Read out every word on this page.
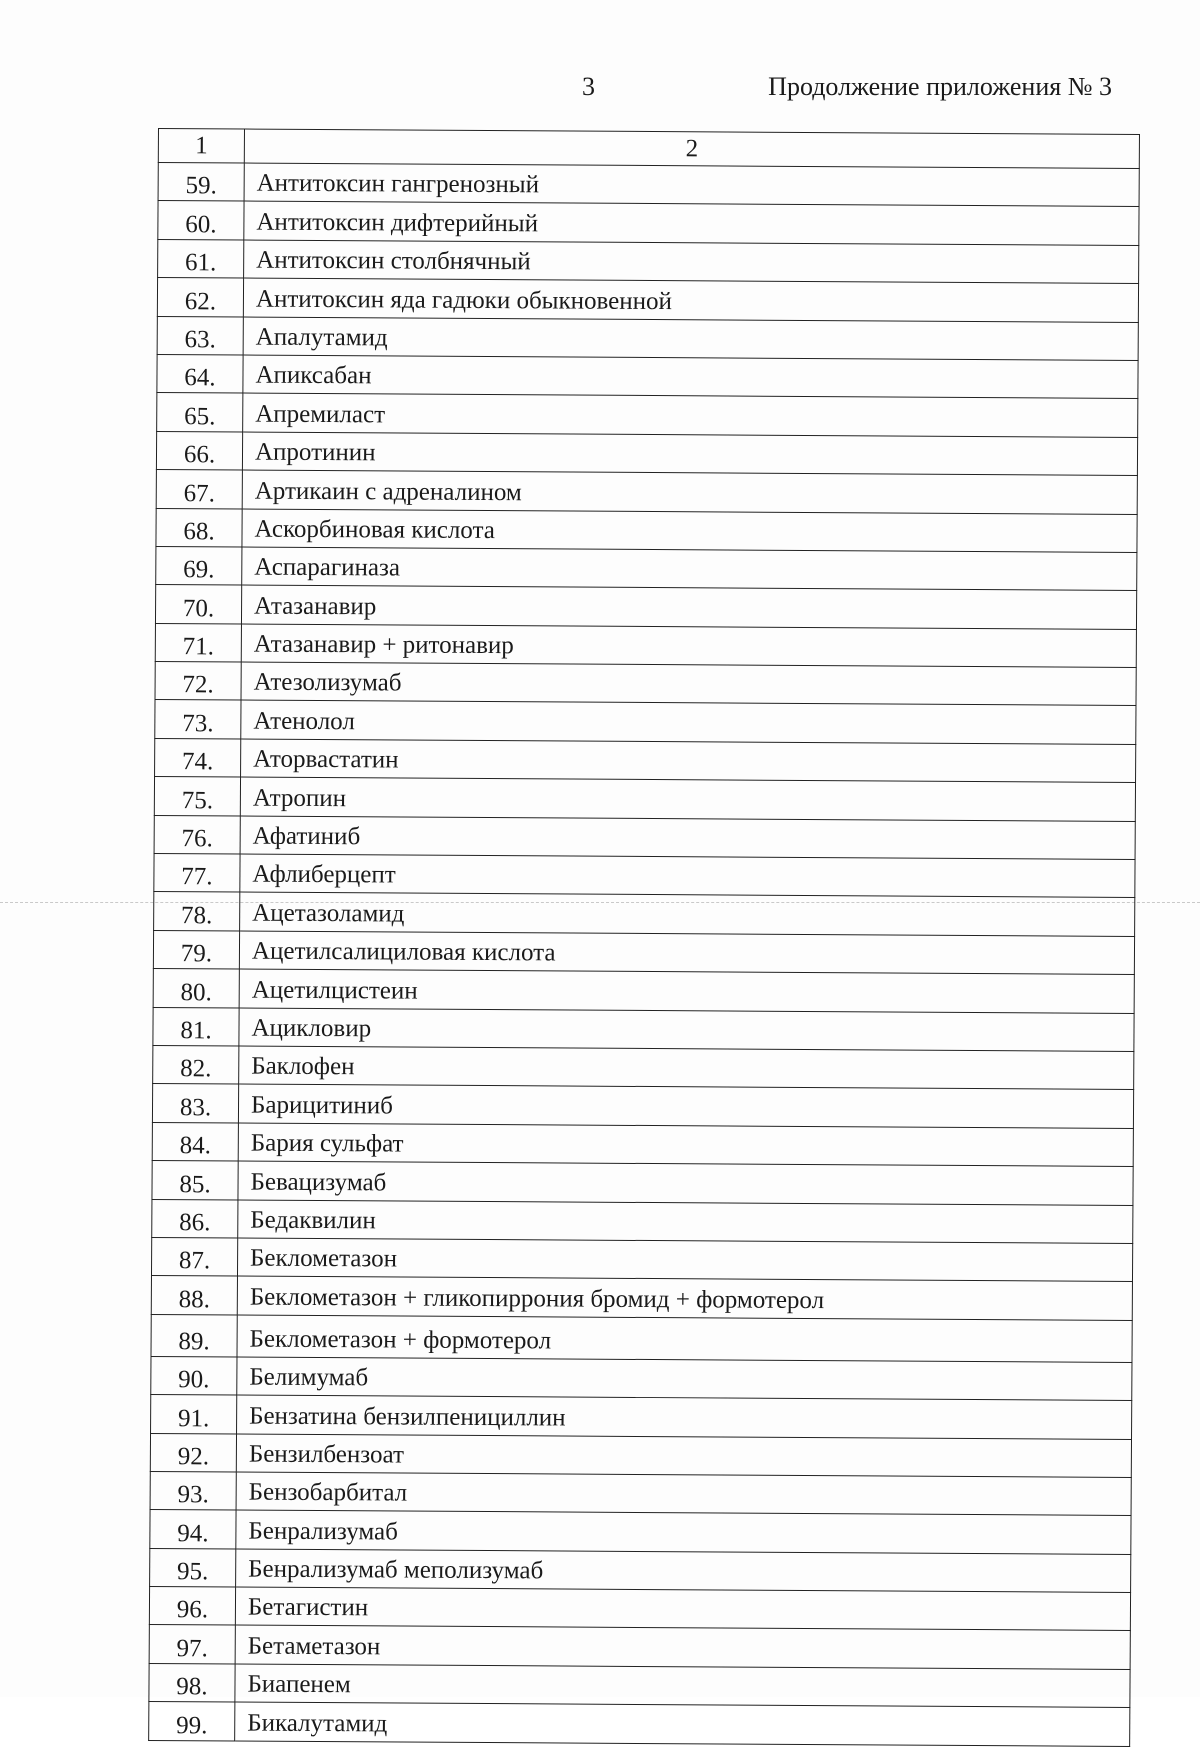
3	Продолжение приложения № 3
1	2
59.	Антитоксин гангренозный
60.	Антитоксин дифтерийный
61.	Антитоксин столбнячный
62.	Антитоксин яда гадюки обыкновенной
63.	Апалутамид
64.	Апиксабан
65.	Апремиласт
66.	Апротинин
67.	Артикаин с адреналином
68.	Аскорбиновая кислота
69.	Аспарагиназа
70.	Атазанавир
71.	Атазанавир + ритонавир
72.	Атезолизумаб
73.	Атенолол
74.	Аторвастатин
75.	Атропин
76.	Афатиниб
77.	Афлиберцепт
78.	Ацетазоламид
79.	Ацетилсалициловая кислота
80.	Ацетилцистеин
81.	Ацикловир
82.	Баклофен
83.	Барицитиниб
84.	Бария сульфат
85.	Бевацизумаб
86.	Бедаквилин
87.	Беклометазон
88.	Беклометазон + гликопиррония бромид + формотерол
89.	Беклометазон + формотерол
90.	Белимумаб
91.	Бензатина бензилпенициллин
92.	Бензилбензоат
93.	Бензобарбитал
94.	Бенрализумаб
95.	Бенрализумаб меполизумаб
96.	Бетагистин
97.	Бетаметазон
98.	Биапенем
99.	Бикалутамид
